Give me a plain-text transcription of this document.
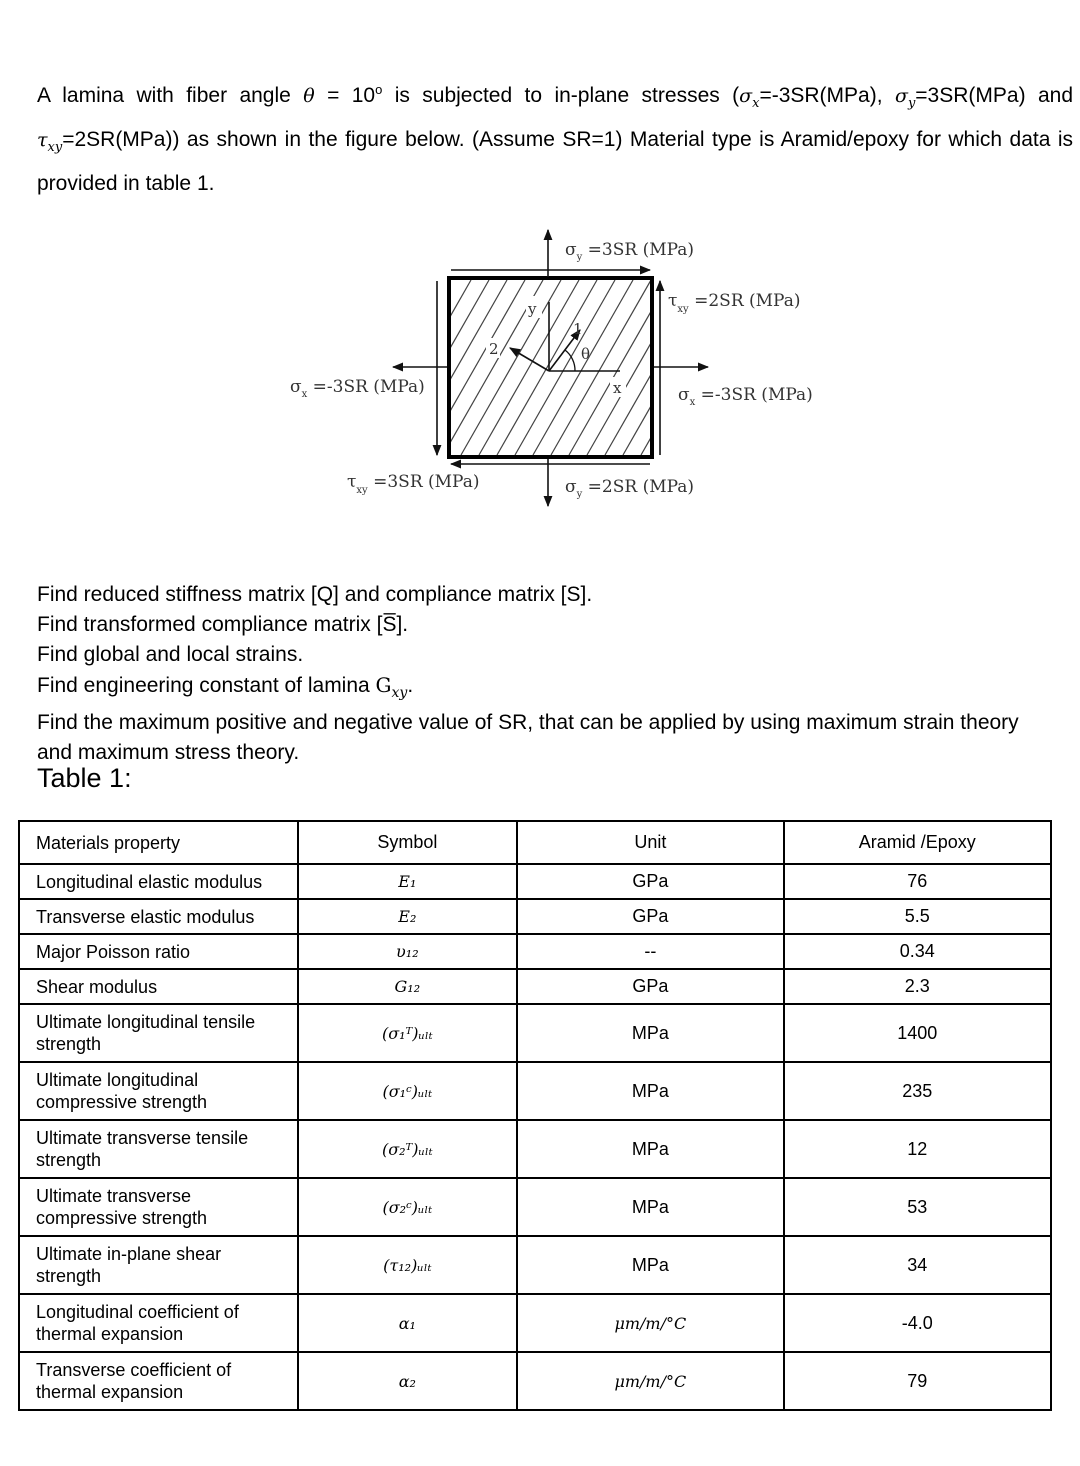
A lamina with fiber angle $\theta = 10^o$ is subjected to in-plane stresses ($\sigma_x=-3SR(MPa)$, $\sigma_y=3SR(MPa)$ and $\tau_{xy}=2SR(MPa)$) as shown in the figure below. (Assume SR=1) Material type is Aramid/epoxy for which data is provided in table 1.

y
x
1
2	θ
$\sigma_y =3SR$ (MPa)
$\tau_{xy} =2SR$ (MPa)
$\sigma_x =-3SR$ (MPa)	$\sigma_x =-3SR$ (MPa)
$\tau_{xy} =3SR$ (MPa)	$\sigma_y =2SR$ (MPa)

Find reduced stiffness matrix [Q] and compliance matrix [S].

Find transformed compliance matrix [S̅].

Find global and local strains.

Find engineering constant of lamina $G_{xy}$.

Find the maximum positive and negative value of SR, that can be applied by using maximum strain theory and maximum stress theory.

Table 1:

Materials property	Symbol	Unit	Aramid /Epoxy
Longitudinal elastic modulus	E₁	GPa	76
Transverse elastic modulus	E₂	GPa	5.5
Major Poisson ratio	υ₁₂	--	0.34
Shear modulus	G₁₂	GPa	2.3
Ultimate longitudinal tensile strength	(σ₁ᵀ)ᵤₗₜ	MPa	1400
Ultimate longitudinal compressive strength	(σ₁ᶜ)ᵤₗₜ	MPa	235
Ultimate transverse tensile strength	(σ₂ᵀ)ᵤₗₜ	MPa	12
Ultimate transverse compressive strength	(σ₂ᶜ)ᵤₗₜ	MPa	53
Ultimate in-plane shear strength	(τ₁₂)ᵤₗₜ	MPa	34
Longitudinal coefficient of thermal expansion	α₁	μm/m/°C	-4.0
Transverse coefficient of thermal expansion	α₂	μm/m/°C	79
